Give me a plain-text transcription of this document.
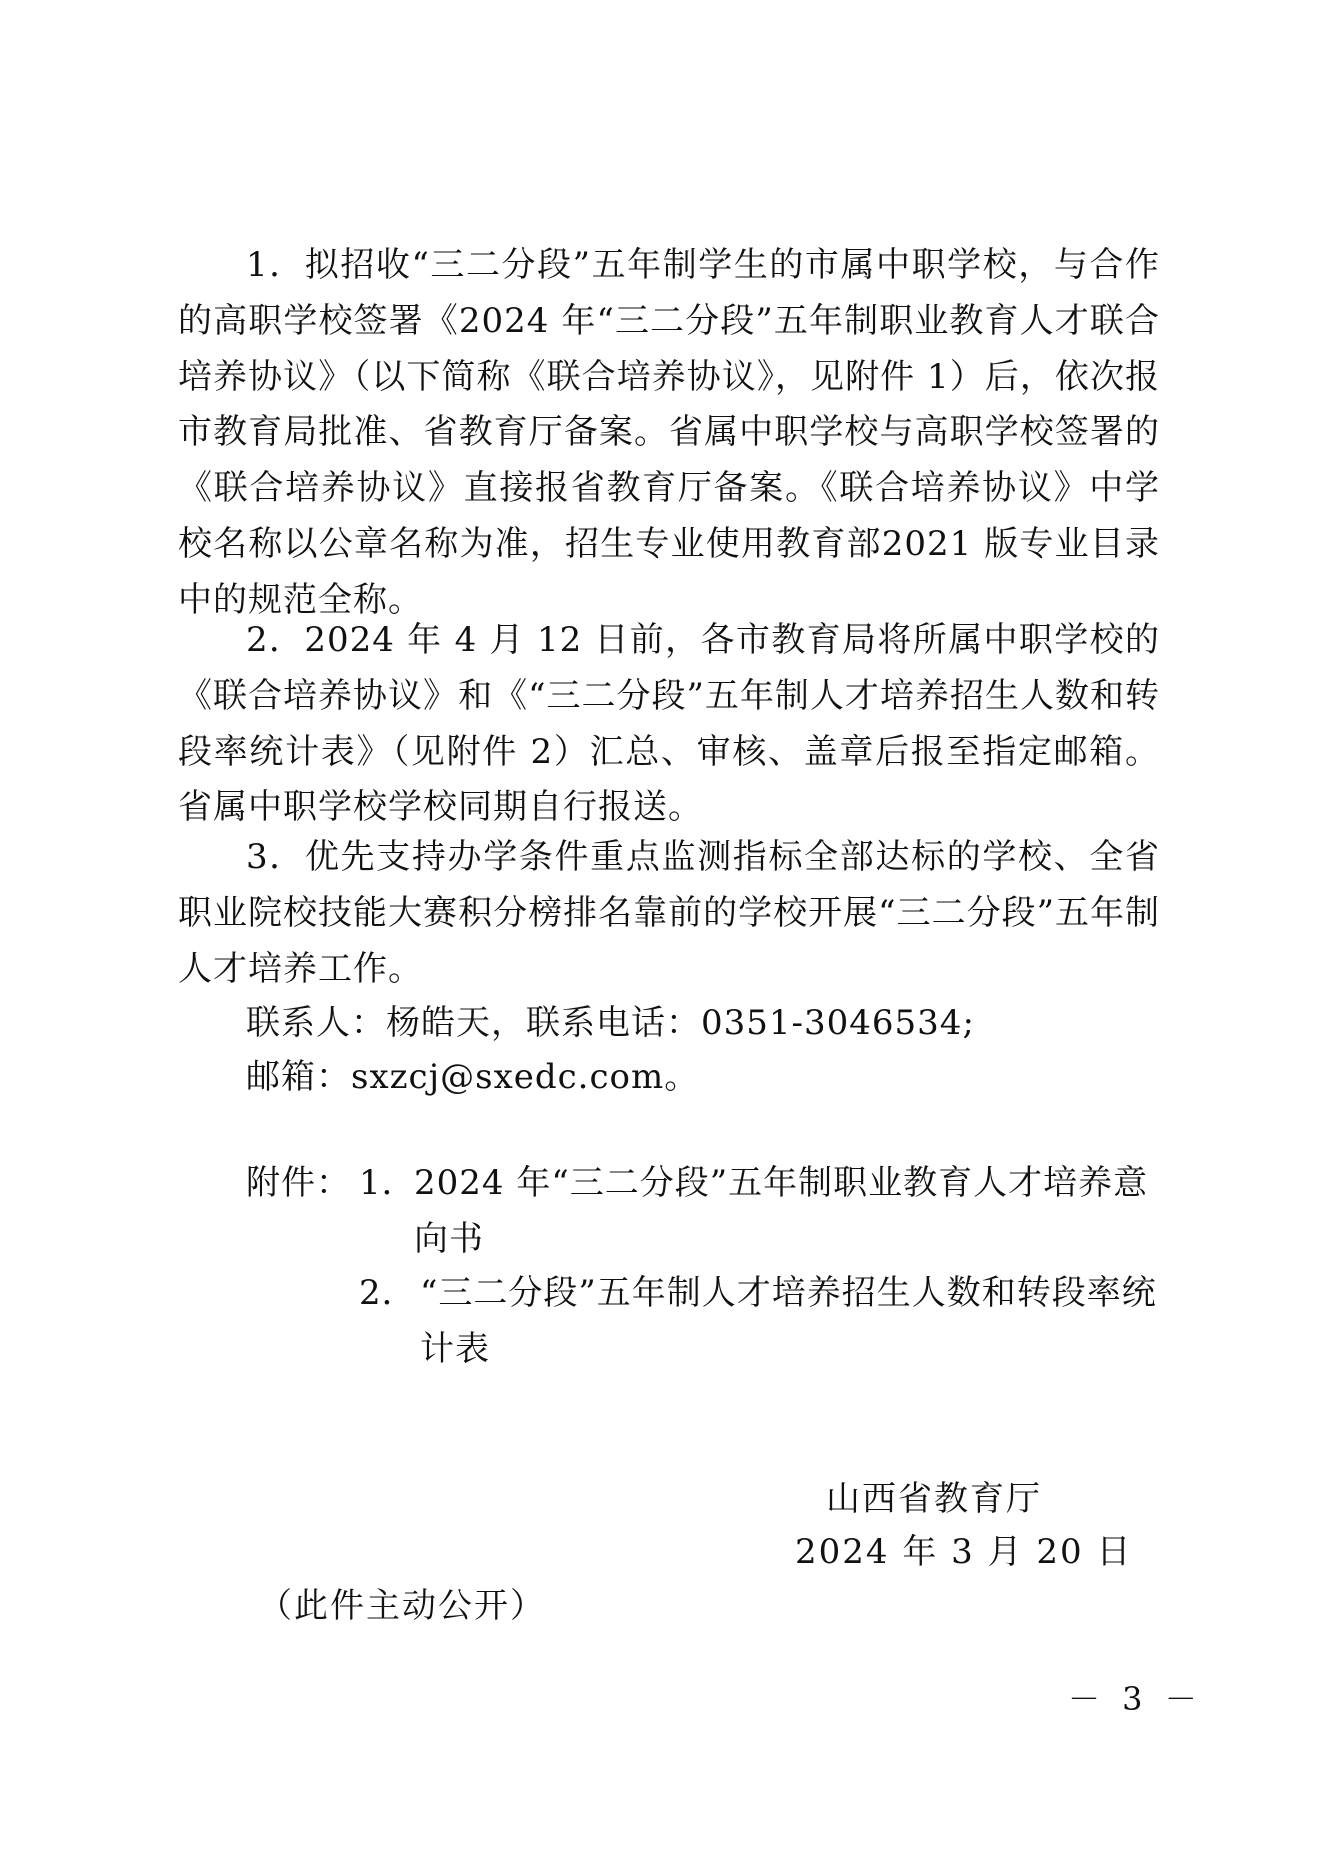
1．拟招收“三二分段”五年制学生的市属中职学校，与合作的高职学校签署《2024 年“三二分段”五年制职业教育人才联合培养协议》（以下简称《联合培养协议》，见附件 1）后，依次报市教育局批准、省教育厅备案。省属中职学校与高职学校签署的《联合培养协议》直接报省教育厅备案。《联合培养协议》中学校名称以公章名称为准，招生专业使用教育部2021 版专业目录中的规范全称。

2．2024 年 4 月 12 日前，各市教育局将所属中职学校的《联合培养协议》和《“三二分段”五年制人才培养招生人数和转段率统计表》（见附件 2）汇总、审核、盖章后报至指定邮箱。省属中职学校学校同期自行报送。

3．优先支持办学条件重点监测指标全部达标的学校、全省职业院校技能大赛积分榜排名靠前的学校开展“三二分段”五年制人才培养工作。

联系人：杨皓天，联系电话：0351-3046534;

邮箱：sxzcj@sxedc.com。

附件： 1．
2024 年“三二分段”五年制职业教育人才培养意向书
2． “三二分段”五年制人才培养招生人数和转段率统计表
山西省教育厅
2024 年 3 月 20 日
（此件主动公开）
－ 3 －
